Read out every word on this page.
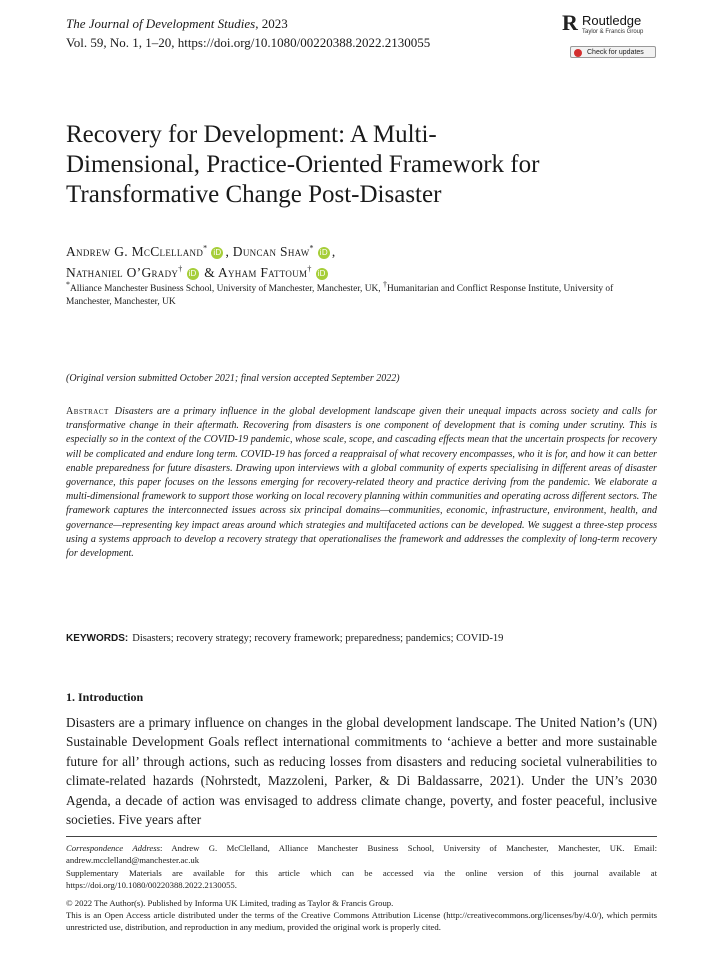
The Journal of Development Studies, 2023
Vol. 59, No. 1, 1–20, https://doi.org/10.1080/00220388.2022.2130055
R Routledge
Taylor & Francis Group
Check for updates
Recovery for Development: A Multi-
Dimensional, Practice-Oriented Framework for
Transformative Change Post-Disaster
Andrew G. McClelland* iD , Duncan Shaw* iD ,
Nathaniel O’Grady† iD & Ayham Fattoum† iD
*Alliance Manchester Business School, University of Manchester, Manchester, UK, †Humanitarian and Conflict Response Institute, University of Manchester, Manchester, UK
(Original version submitted October 2021; final version accepted September 2022)
Abstract Disasters are a primary influence in the global development landscape given their unequal impacts across society and calls for transformative change in their aftermath. Recovering from disasters is one component of development that is coming under scrutiny. This is especially so in the context of the COVID-19 pandemic, whose scale, scope, and cascading effects mean that the uncertain prospects for recovery will be complicated and endure long term. COVID-19 has forced a reappraisal of what recovery encompasses, who it is for, and how it can better enable preparedness for future disasters. Drawing upon interviews with a global community of experts specialising in different areas of disaster governance, this paper focuses on the lessons emerging for recovery-related theory and practice deriving from the pandemic. We elaborate a multi-dimensional framework to support those working on local recovery planning within communities and operating across different sectors. The framework captures the interconnected issues across six principal domains—communities, economic, infrastructure, environment, health, and governance—representing key impact areas around which strategies and multifaceted actions can be developed. We suggest a three-step process using a systems approach to develop a recovery strategy that operationalises the framework and addresses the complexity of long-term recovery for development.
KEYWORDS: Disasters; recovery strategy; recovery framework; preparedness; pandemics; COVID-19
1. Introduction
Disasters are a primary influence on changes in the global development landscape. The United Nation’s (UN) Sustainable Development Goals reflect international commitments to ‘achieve a better and more sustainable future for all’ through actions, such as reducing losses from disasters and reducing societal vulnerabilities to climate-related hazards (Nohrstedt, Mazzoleni, Parker, & Di Baldassarre, 2021). Under the UN’s 2030 Agenda, a decade of action was envisaged to address climate change, poverty, and foster peaceful, inclusive societies. Five years after
Correspondence Address: Andrew G. McClelland, Alliance Manchester Business School, University of Manchester, Manchester, UK. Email: andrew.mcclelland@manchester.ac.uk
Supplementary Materials are available for this article which can be accessed via the online version of this journal available at https://doi.org/10.1080/00220388.2022.2130055.
© 2022 The Author(s). Published by Informa UK Limited, trading as Taylor & Francis Group.
This is an Open Access article distributed under the terms of the Creative Commons Attribution License (http://creativecommons.org/licenses/by/4.0/), which permits unrestricted use, distribution, and reproduction in any medium, provided the original work is properly cited.
